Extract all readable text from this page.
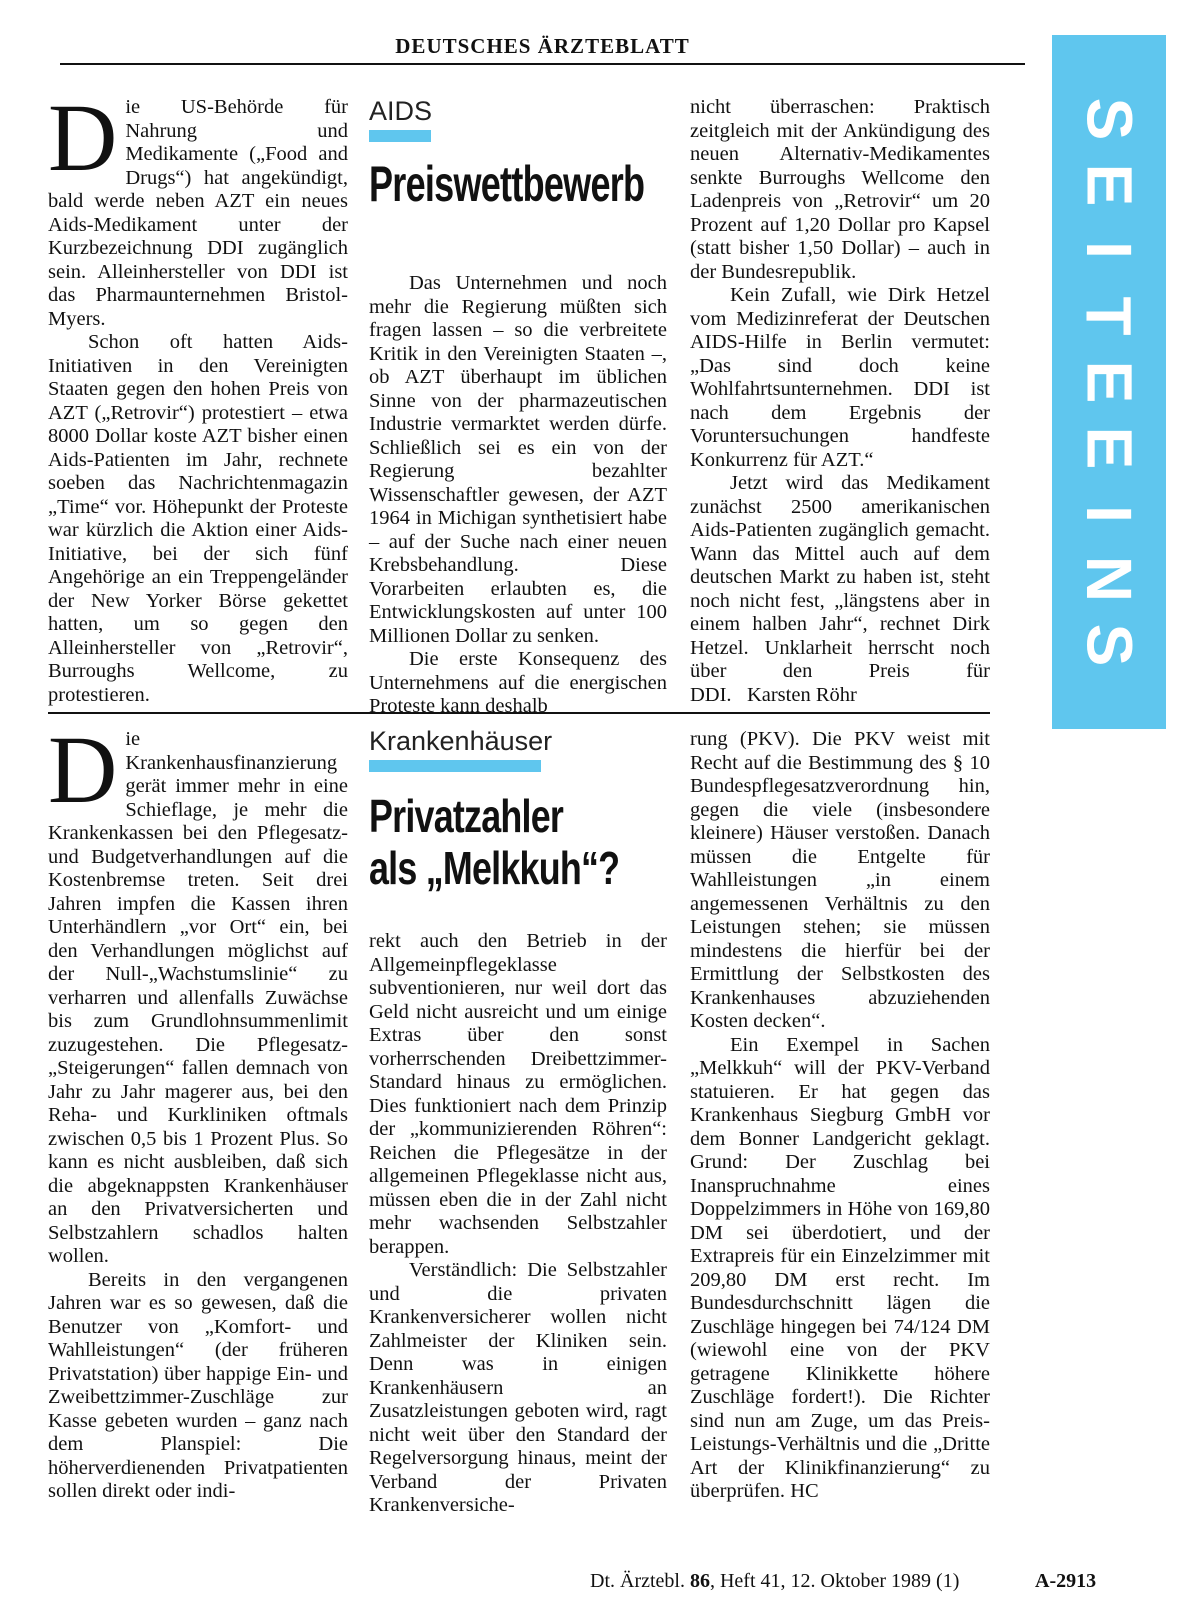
DEUTSCHES ÄRZTEBLATT
S
E
I
T
E
E
I
N
S

Die US-Behörde für Nahrung und Medikamente („Food and Drugs“) hat angekündigt, bald werde neben AZT ein neues Aids-Medikament unter der Kurzbezeichnung DDI zugänglich sein. Alleinhersteller von DDI ist das Pharmaunternehmen Bristol-Myers.

Schon oft hatten Aids-Initiativen in den Vereinigten Staaten gegen den hohen Preis von AZT („Retrovir“) protestiert – etwa 8000 Dollar koste AZT bisher einen Aids-Patienten im Jahr, rechnete soeben das Nachrichtenmagazin „Time“ vor. Höhepunkt der Proteste war kürzlich die Aktion einer Aids-Initiative, bei der sich fünf Angehörige an ein Treppengeländer der New Yorker Börse gekettet hatten, um so gegen den Alleinhersteller von „Retrovir“, Burroughs Wellcome, zu protestieren.

AIDS
Preiswettbewerb

Das Unternehmen und noch mehr die Regierung müßten sich fragen lassen – so die verbreitete Kritik in den Vereinigten Staaten –, ob AZT überhaupt im üblichen Sinne von der pharmazeutischen Industrie vermarktet werden dürfe. Schließlich sei es ein von der Regierung bezahlter Wissenschaftler gewesen, der AZT 1964 in Michigan synthetisiert habe – auf der Suche nach einer neuen Krebsbehandlung. Diese Vorarbeiten erlaubten es, die Entwicklungskosten auf unter 100 Millionen Dollar zu senken.

Die erste Konsequenz des Unternehmens auf die energischen Proteste kann deshalb

nicht überraschen: Praktisch zeitgleich mit der Ankündigung des neuen Alternativ-Medikamentes senkte Burroughs Wellcome den Ladenpreis von „Retrovir“ um 20 Prozent auf 1,20 Dollar pro Kapsel (statt bisher 1,50 Dollar) – auch in der Bundesrepublik.

Kein Zufall, wie Dirk Hetzel vom Medizinreferat der Deutschen AIDS-Hilfe in Berlin vermutet: „Das sind doch keine Wohlfahrtsunternehmen. DDI ist nach dem Ergebnis der Voruntersuchungen handfeste Konkurrenz für AZT.“

Jetzt wird das Medikament zunächst 2500 amerikanischen Aids-Patienten zugänglich gemacht. Wann das Mittel auch auf dem deutschen Markt zu haben ist, steht noch nicht fest, „längstens aber in einem halben Jahr“, rechnet Dirk Hetzel. Unklarheit herrscht noch über den Preis für DDI. Karsten Röhr

Die Krankenhausfinanzierung gerät immer mehr in eine Schieflage, je mehr die Krankenkassen bei den Pflegesatz- und Budgetverhandlungen auf die Kostenbremse treten. Seit drei Jahren impfen die Kassen ihren Unterhändlern „vor Ort“ ein, bei den Verhandlungen möglichst auf der Null-„Wachstumslinie“ zu verharren und allenfalls Zuwächse bis zum Grundlohnsummenlimit zuzugestehen. Die Pflegesatz-„Steigerungen“ fallen demnach von Jahr zu Jahr magerer aus, bei den Reha- und Kurkliniken oftmals zwischen 0,5 bis 1 Prozent Plus. So kann es nicht ausbleiben, daß sich die abgeknappsten Krankenhäuser an den Privatversicherten und Selbstzahlern schadlos halten wollen.

Bereits in den vergangenen Jahren war es so gewesen, daß die Benutzer von „Komfort- und Wahlleistungen“ (der früheren Privatstation) über happige Ein- und Zweibettzimmer-Zuschläge zur Kasse gebeten wurden – ganz nach dem Planspiel: Die höherverdienenden Privatpatienten sollen direkt oder indi-

Krankenhäuser
Privatzahler
als „Melkkuh“?

rekt auch den Betrieb in der Allgemeinpflegeklasse subventionieren, nur weil dort das Geld nicht ausreicht und um einige Extras über den sonst vorherrschenden Dreibettzimmer-Standard hinaus zu ermöglichen. Dies funktioniert nach dem Prinzip der „kommunizierenden Röhren“: Reichen die Pflegesätze in der allgemeinen Pflegeklasse nicht aus, müssen eben die in der Zahl nicht mehr wachsenden Selbstzahler berappen.

Verständlich: Die Selbstzahler und die privaten Krankenversicherer wollen nicht Zahlmeister der Kliniken sein. Denn was in einigen Krankenhäusern an Zusatzleistungen geboten wird, ragt nicht weit über den Standard der Regelversorgung hinaus, meint der Verband der Privaten Krankenversiche-

rung (PKV). Die PKV weist mit Recht auf die Bestimmung des § 10 Bundespflegesatzverordnung hin, gegen die viele (insbesondere kleinere) Häuser verstoßen. Danach müssen die Entgelte für Wahlleistungen „in einem angemessenen Verhältnis zu den Leistungen stehen; sie müssen mindestens die hierfür bei der Ermittlung der Selbstkosten des Krankenhauses abzuziehenden Kosten decken“.

Ein Exempel in Sachen „Melkkuh“ will der PKV-Verband statuieren. Er hat gegen das Krankenhaus Siegburg GmbH vor dem Bonner Landgericht geklagt. Grund: Der Zuschlag bei Inanspruchnahme eines Doppelzimmers in Höhe von 169,80 DM sei überdotiert, und der Extrapreis für ein Einzelzimmer mit 209,80 DM erst recht. Im Bundesdurchschnitt lägen die Zuschläge hingegen bei 74/124 DM (wiewohl eine von der PKV getragene Klinikkette höhere Zuschläge fordert!). Die Richter sind nun am Zuge, um das Preis-Leistungs-Verhältnis und die „Dritte Art der Klinikfinanzierung“ zu überprüfen. HC

Dt. Ärztebl. 86, Heft 41, 12. Oktober 1989 (1)	A-2913
